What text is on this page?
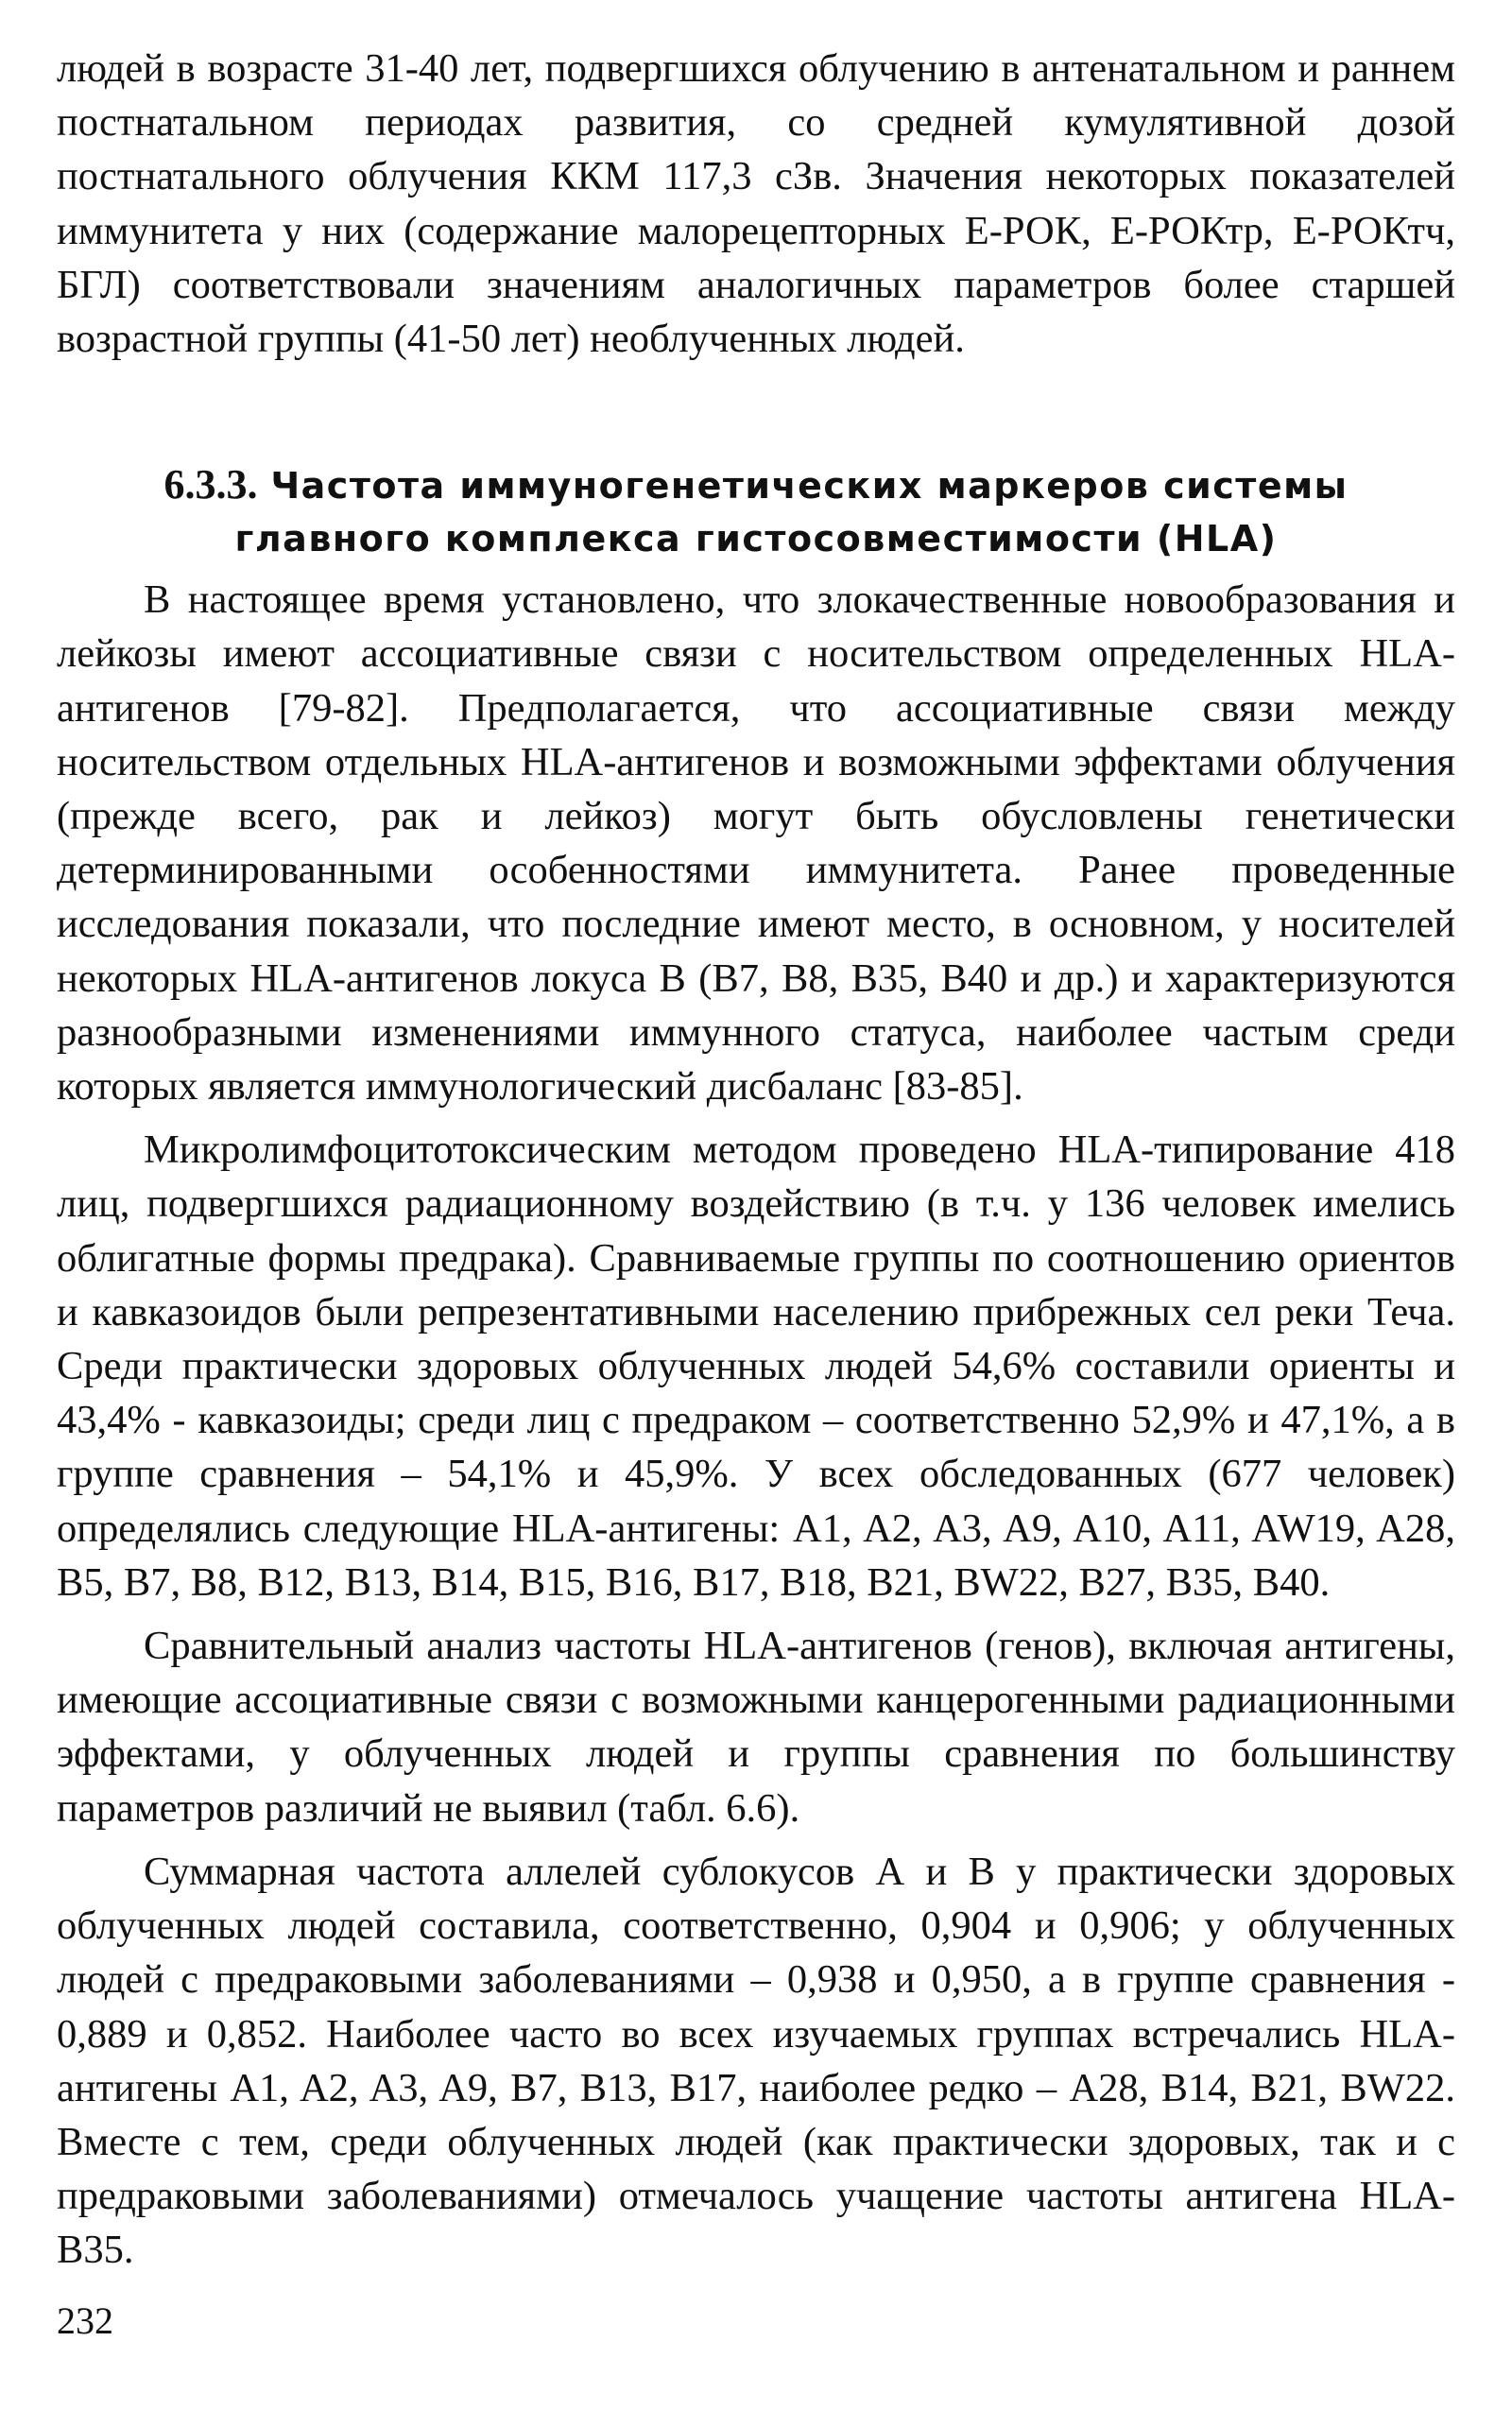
людей в возрасте 31-40 лет, подвергшихся облучению в антенатальном и раннем постнатальном периодах развития, со средней кумулятивной дозой постнатального облучения ККМ 117,3 сЗв. Значения некоторых показателей иммунитета у них (содержание малорецепторных Е-РОК, Е-РОКтр, Е-РОКтч, БГЛ) соответствовали значениям аналогичных параметров более старшей возрастной группы (41-50 лет) необлученных людей.

6.3.3. Частота иммуногенетических маркеров системы
главного комплекса гистосовместимости (HLA)

В настоящее время установлено, что злокачественные новообразования и лейкозы имеют ассоциативные связи с носительством определенных HLA-антигенов [79-82]. Предполагается, что ассоциативные связи между носительством отдельных HLA-антигенов и возможными эффектами облучения (прежде всего, рак и лейкоз) могут быть обусловлены генетически детерминированными особенностями иммунитета. Ранее проведенные исследования показали, что последние имеют место, в основном, у носителей некоторых HLA-антигенов локуса В (В7, В8, В35, В40 и др.) и характеризуются разнообразными изменениями иммунного статуса, наиболее частым среди которых является иммунологический дисбаланс [83-85].

Микролимфоцитотоксическим методом проведено HLA-типирование 418 лиц, подвергшихся радиационному воздействию (в т.ч. у 136 человек имелись облигатные формы предрака). Сравниваемые группы по соотношению ориентов и кавказоидов были репрезентативными населению прибрежных сел реки Теча. Среди практически здоровых облученных людей 54,6% составили ориенты и 43,4% - кавказоиды; среди лиц с предраком – соответственно 52,9% и 47,1%, а в группе сравнения – 54,1% и 45,9%. У всех обследованных (677 человек) определялись следующие HLA-антигены: A1, A2, A3, A9, A10, A11, AW19, A28, B5, B7, B8, B12, B13, B14, B15, B16, B17, B18, B21, BW22, B27, B35, B40.

Сравнительный анализ частоты HLA-антигенов (генов), включая антигены, имеющие ассоциативные связи с возможными канцерогенными радиационными эффектами, у облученных людей и группы сравнения по большинству параметров различий не выявил (табл. 6.6).

Суммарная частота аллелей сублокусов А и В у практически здоровых облученных людей составила, соответственно, 0,904 и 0,906; у облученных людей с предраковыми заболеваниями – 0,938 и 0,950, а в группе сравнения - 0,889 и 0,852. Наиболее часто во всех изучаемых группах встречались HLA-антигены A1, A2, A3, A9, B7, B13, B17, наиболее редко – A28, B14, B21, BW22. Вместе с тем, среди облученных людей (как практически здоровых, так и с предраковыми заболеваниями) отмечалось учащение частоты антигена HLA-B35.

232
